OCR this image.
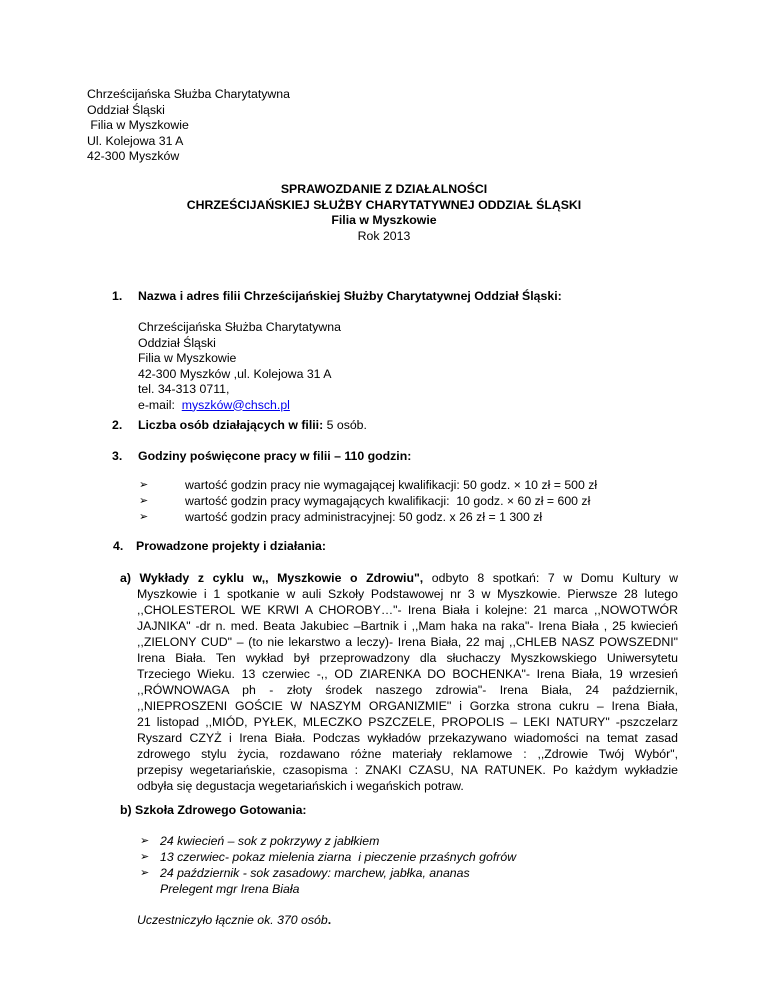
Chrześcijańska Służba Charytatywna
Oddział Śląski
Filia w Myszkowie
Ul. Kolejowa 31 A
42-300 Myszków
SPRAWOZDANIE Z DZIAŁALNOŚCI
CHRZEŚCIJAŃSKIEJ SŁUŻBY CHARYTATYWNEJ ODDZIAŁ ŚLĄSKI
Filia w Myszkowie
Rok 2013
1. Nazwa i adres filii Chrześcijańskiej Służby Charytatywnej Oddział Śląski:
Chrześcijańska Służba Charytatywna
Oddział Śląski
Filia w Myszkowie
42-300 Myszków ,ul. Kolejowa 31 A
tel. 34-313 0711,
e-mail:  myszków@chsch.pl
2. Liczba osób działających w filii: 5 osób.
3. Godziny poświęcone pracy w filii – 110 godzin:
➢	wartość godzin pracy nie wymagającej kwalifikacji: 50 godz. × 10 zł = 500 zł
➢	wartość godzin pracy wymagających kwalifikacji:  10 godz. × 60 zł = 600 zł
➢	wartość godzin pracy administracyjnej: 50 godz. x 26 zł = 1 300 zł
4. Prowadzone projekty i działania:
a) Wykłady z cyklu w,, Myszkowie o Zdrowiu", odbyto 8 spotkań: 7 w Domu Kultury w
Myszkowie i 1 spotkanie w auli Szkoły Podstawowej nr 3 w Myszkowie. Pierwsze 28 lutego
,,CHOLESTEROL WE KRWI A CHOROBY…"- Irena Biała i kolejne: 21 marca ,,NOWOTWÓR
JAJNIKA" -dr n. med. Beata Jakubiec –Bartnik i ,,Mam haka na raka"- Irena Biała , 25 kwiecień
,,ZIELONY CUD" – (to nie lekarstwo a leczy)- Irena Biała, 22 maj ,,CHLEB NASZ POWSZEDNI"
Irena Biała. Ten wykład był przeprowadzony dla słuchaczy Myszkowskiego Uniwersytetu
Trzeciego Wieku. 13 czerwiec -,, OD ZIARENKA DO BOCHENKA"- Irena Biała, 19 wrzesień
,,RÓWNOWAGA ph - złoty środek naszego zdrowia"- Irena Biała, 24 październik,
,,NIEPROSZENI GOŚCIE W NASZYM ORGANIZMIE'' i Gorzka strona cukru – Irena Biała,
21 listopad ,,MIÓD, PYŁEK, MLECZKO PSZCZELE, PROPOLIS – LEKI NATURY" -pszczelarz
Ryszard CZYŻ i Irena Biała. Podczas wykładów przekazywano wiadomości na temat zasad
zdrowego stylu życia, rozdawano różne materiały reklamowe : ,,Zdrowie Twój Wybór",
przepisy wegetariańskie, czasopisma : ZNAKI CZASU, NA RATUNEK. Po każdym wykładzie
odbyła się degustacja wegetariańskich i wegańskich potraw.
b) Szkoła Zdrowego Gotowania:
➢ 24 kwiecień – sok z pokrzywy z jabłkiem
➢ 13 czerwiec- pokaz mielenia ziarna  i pieczenie przaśnych gofrów
➢ 24 październik - sok zasadowy: marchew, jabłka, ananas
Prelegent mgr Irena Biała
Uczestniczyło łącznie ok. 370 osób.
